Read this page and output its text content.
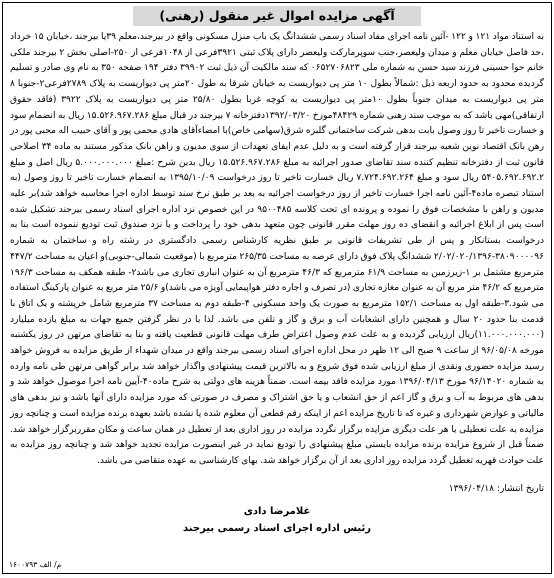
آگهی مزایده اموال غیر منقول (رهنی)
به استناد مواد ۱۲۱ و ۱۲۲ -آئین نامه اجرای مفاد اسناد رسمی ششدانگ یک باب منزل مسکونی واقع در بیرجند،معلم ۳۹یا بیرجند ،خیابان ۱۵ خرداد ،حد فاصل خیابان معلم و میدان ولیعصر،جنب سوپرمارکت ولیعصر دارای پلاک ثبتی ۳۹۲۱فرعی از ۱۰۴۸فرعی از ۲۵۰-اصلی بخش ۲ بیرجند ملکی خانم حوا حسینی فرزند سید حسن به شماره ملی ۰۶۵۲۷۰۶۸۲۳ که سند مالکیت آن ذیل ثبت ۳۹۹۰۲ دفتر ۱۹۴ صفحه ۳۵۰ به نام وی صادر و تسلیم گردیده محدود به حدود اربعه ذیل :شمالاً بطول ۱۰ متر پی دیواریست به خیابان شرقا به طول ۲۰متر پی دیواریست به پلاک ۲۷۸۹فرعی۲-جنوبا ۸ متر پی دیواریست به میدان جنوباً بطول ۱۰متر پی دیواریست به کوچه غربا بطول ۲۵/۸۰ متر پی دیواریست به پلاک ۳۹۲۲ (فاقد حقوق ارتفاقی)مهی باشد که به موجب سند رهنی شماره ۴۸۴۲۹مورخ ۱۳۹۲/۰۳/۲۰دفترخانه ۷ بیرجند در قبال مبلغ ۱۵.۵۲۶.۹۶۷.۲۸۶ ریال به انضمام سود و خسارت تاخیر تا روز وصول بابت بدهی شرکت ساختمانی گلبزه شرق(سهامی خاص)با امضاءآقای هادی محمی پور و آقای حبیب اله محبی پور در رهن بانک اقتصاد نوین شعبه بیرجند قرار گرفته است و به دلیل عدم ایفای تعهدات از سوی مدیون و راهن بانک مذکور مستند به ماده ۳۴ اصلاحی قانون ثبت از دفترخانه تنظیم کننده سند تقاضای صدور اجرائیه به مبلغ ۱۵.۵۲۶.۹۶۷.۲۸۶ ریال بدین شرح :مبلغ ۵.۰۰۰.۰۰۰.۰۰۰ ریال اصل و مبلغ ۵۴۰۵.۶۹۲.۶۹۲.۲ ریال سود و مبلغ ۷.۷۲۴.۶۹۲.۲۶۴ ریال خسارت تاخیر تا روز درخواست ۱۳۹۵/۱۰/۰۹ به انضمام خسارت تاخیر تا روز وصول (به استناد تبصره ماده۴-آئین نامه اجرا خسارت تاخیر از روز درخواست اجرائیه به بعد بر طبق نرخ سند توسط اداره اجرا محاسبه خواهد شد)بر علیه مدیون و راهن با مشخصات فوق را نموده و پرونده ای تحت کلاسه ۹۵۰۰۴۸۵ در این خصوص نزد اداره اجرای اسناد رسمی بیرجند تشکیل شده است پس از ابلاغ اجرائیه و انقضای ده روز مهلت مقرر قانونی چون متعهد بدهی خود را پرداخت و یا نزد صندوق ثبت تودیع ننموده است بنا به درخواست بستانکار و پس از طی تشریفات قانونی بر طبق نظریه کارشناس رسمی دادگستری در رشته راه و ساختمان به شماره ۳۸۰۹۰۰۰۰۹۶-۲/۰۲/۰۲۰/۱۳۹۶ ششدانگ پلاک فوق دارای عرصه به مساحت ۲۶۵/۳۵ مترمربع با (موقعیت شمالی-جنوبی)و اعیان به مساحت ۴۴۷/۲ مترمربع مشتمل بر ۱-زیرزمین به مساحت ۶۱/۹ مترمربع که ۴۶/۳ مترمربع آن به عنوان انباری تجاری می باشد۲- طبقه همکف به مساحت ۱۹۶/۳ مترمربع که ۴۶/۲ متر مربع آن به عنوان مغازه تجاری (در تصرف و اجاره دفتر هواپیمایی آویژه می باشد)و ۲۵/۶ متر مربع به عنوان پارکینگ استفاده می شود.۳-طبقه اول به مساحت ۱۵۲/۱ مترمربع به صورت یک واحد مسکونی ۴-طبقه دوم به مساحت ۳۷ مترمربع شامل خرپشته و یک اتاق با قدمت بنا حدود ۲۰ سال و همچنین دارای انشعابات آب و برق و گاز و تلفن می باشد. لذا با در نظر گرفتن جمیع جهات به مبلغ یازده میلیارد (۱۱.۰۰۰.۰۰۰.۰۰۰)ریال ارزیابی گردیده و به علت عدم وصول اعتراض طرف مهلت قانونی قطعیت یافته و بنا به تقاضای مرتهن در روز یکشنبه مورخه ۹۶/۰۵/۰۸ از ساعت ۹ صبح الی ۱۲ ظهر در محل اداره اجرای اسناد رسمی بیرجند واقع در میدان شهداء از طریق مزایده به فروش خواهد رسید مزایده حضوری ونقدی از مبلغ ارزیابی شده فوق شروع و به بالاترین قیمت پیشنهادی واگذار خواهد شد برابر گواهی مرتهن طی نامه وارده به شماره ۹۶/۱۴۰۲۰ مورخ ۱۳۹۶/۰۴/۱۳ مورد مزایده فاقد بیمه است. ضمناً هزینه های دولتی به شرح ماده۴۰-آیین نامه اجرا موصول خواهد شد و بدهی های مربوط به آب و برق و گاز اعم از حق انشعاب و یا حق اشتراک و مصرف در صورتی که مورد مزایده دارای آنها باشد و نیز بدهی های مالیاتی و عوارض شهرداری و غیره که تا تاریخ مزایده اعم از اینکه رقم قطعی آن معلوم شده یا نشده باشد بعهده برنده مزایده است و چنانچه روز مزایده به علت تعطیلی یا هر علت دیگری مزایده برگزار نگردد مزایده در روز اداری بعد از تعطیل در همان ساعت و مکان مقرربرگزار خواهد شد. ضمناً قبل از شروع مزایده برنده مزایده بایستی مبلغ پیشنهادی را تودیع نماید در غیر اینصورت مزایده تجدید خواهد شد و چنانچه روز مزایده به علت حوادث قهریه تعطیل گردد مزایده روز اداری بعد از آن برگزار خواهد شد. بهای کارشناسی به عهده متقاضی می باشد.
تاریخ انتشار: ۱۳۹۶/۰۴/۱۸
غلامرضا دادی
رئیس اداره اجرای اسناد رسمی بیرجند
۱۶۰۰۷۹۳ م/ الف
